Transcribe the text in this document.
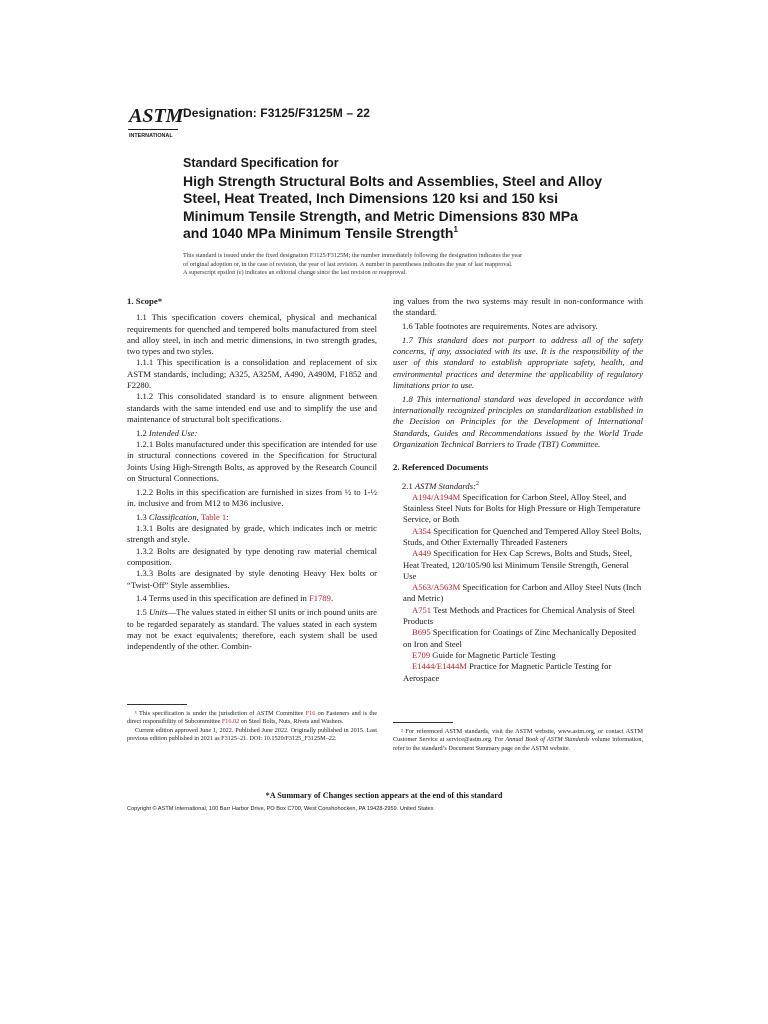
ASTM
INTERNATIONAL
Designation: F3125/F3125M – 22
Standard Specification for
High Strength Structural Bolts and Assemblies, Steel and Alloy Steel, Heat Treated, Inch Dimensions 120 ksi and 150 ksi Minimum Tensile Strength, and Metric Dimensions 830 MPa and 1040 MPa Minimum Tensile Strength$^1$
This standard is issued under the fixed designation F3125/F3125M; the number immediately following the designation indicates the year
of original adoption or, in the case of revision, the year of last revision. A number in parentheses indicates the year of last reapproval.
A superscript epsilon (ε) indicates an editorial change since the last revision or reapproval.
1. Scope*

1.1 This specification covers chemical, physical and mechanical requirements for quenched and tempered bolts manufactured from steel and alloy steel, in inch and metric dimensions, in two strength grades, two types and two styles.

1.1.1 This specification is a consolidation and replacement of six ASTM standards, including; A325, A325M, A490, A490M, F1852 and F2280.

1.1.2 This consolidated standard is to ensure alignment between standards with the same intended end use and to simplify the use and maintenance of structural bolt specifications.

1.2 Intended Use:

1.2.1 Bolts manufactured under this specification are intended for use in structural connections covered in the Specification for Structural Joints Using High-Strength Bolts, as approved by the Research Council on Structural Connections.

1.2.2 Bolts in this specification are furnished in sizes from ½ to 1-½ in. inclusive and from M12 to M36 inclusive.

1.3 Classification, Table 1:

1.3.1 Bolts are designated by grade, which indicates inch or metric strength and style.

1.3.2 Bolts are designated by type denoting raw material chemical composition.

1.3.3 Bolts are designated by style denoting Heavy Hex bolts or “Twist-Off” Style assemblies.

1.4 Terms used in this specification are defined in F1789.

1.5 Units—The values stated in either SI units or inch pound units are to be regarded separately as standard. The values stated in each system may not be exact equivalents; therefore, each system shall be used independently of the other. Combin-

ing values from the two systems may result in non-conformance with the standard.

1.6 Table footnotes are requirements. Notes are advisory.

1.7 This standard does not purport to address all of the safety concerns, if any, associated with its use. It is the responsibility of the user of this standard to establish appropriate safety, health, and environmental practices and determine the applicability of regulatory limitations prior to use.

1.8 This international standard was developed in accordance with internationally recognized principles on standardization established in the Decision on Principles for the Development of International Standards, Guides and Recommendations issued by the World Trade Organization Technical Barriers to Trade (TBT) Committee.

2. Referenced Documents

2.1 ASTM Standards:$^2$

A194/A194M Specification for Carbon Steel, Alloy Steel, and Stainless Steel Nuts for Bolts for High Pressure or High Temperature Service, or Both

A354 Specification for Quenched and Tempered Alloy Steel Bolts, Studs, and Other Externally Threaded Fasteners

A449 Specification for Hex Cap Screws, Bolts and Studs, Steel, Heat Treated, 120/105/90 ksi Minimum Tensile Strength, General Use

A563/A563M Specification for Carbon and Alloy Steel Nuts (Inch and Metric)

A751 Test Methods and Practices for Chemical Analysis of Steel Products

B695 Specification for Coatings of Zinc Mechanically Deposited on Iron and Steel

E709 Guide for Magnetic Particle Testing

E1444/E1444M Practice for Magnetic Particle Testing for Aerospace

¹ This specification is under the jurisdiction of ASTM Committee F16 on Fasteners and is the direct responsibility of Subcommittee F16.02 on Steel Bolts, Nuts, Rivets and Washers.

Current edition approved June 1, 2022. Published June 2022. Originally published in 2015. Last previous edition published in 2021 as F3125–21. DOI: 10.1520/F3125_F3125M–22.

² For referenced ASTM standards, visit the ASTM website, www.astm.org, or contact ASTM Customer Service at service@astm.org. For Annual Book of ASTM Standards volume information, refer to the standard’s Document Summary page on the ASTM website.

*A Summary of Changes section appears at the end of this standard
Copyright © ASTM International, 100 Barr Harbor Drive, PO Box C700, West Conshohocken, PA 19428-2959. United States
